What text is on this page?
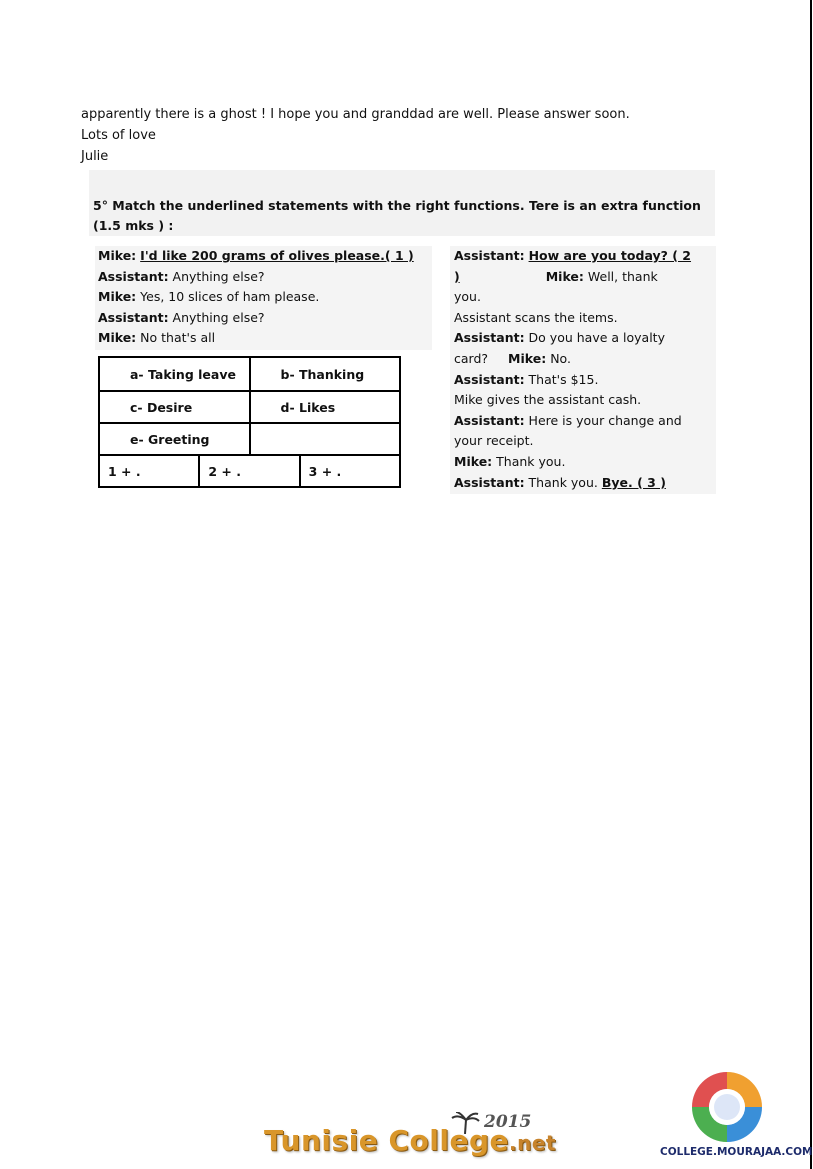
apparently there is a ghost ! I hope you and granddad are well. Please answer soon.
Lots of love
Julie

5° Match the underlined statements with the right functions. Tere is an extra function (1.5 mks ) :

Mike: I'd like 200 grams of olives please.( 1 )
Assistant: Anything else?
Mike: Yes, 10 slices of ham please.
Assistant: Anything else?
Mike: No that's all
Assistant: How are you today? ( 2
)	Mike: Well, thank
you.
Assistant scans the items.
Assistant: Do you have a loyalty
card? Mike: No.
Assistant: That's $15.
Mike gives the assistant cash.
Assistant: Here is your change and
your receipt.
Mike: Thank you.
Assistant: Thank you. Bye. ( 3 )
a- Taking leave	b- Thanking
c- Desire	d- Likes
e- Greeting
1 + .	2 + .	3 + .
2015
Tunisie College.net	COLLEGE.MOURAJAA.COM
